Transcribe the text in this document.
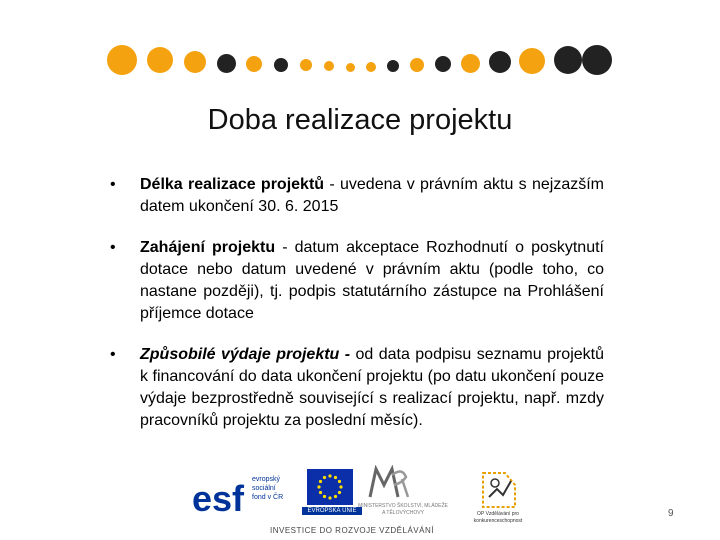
Doba realizace projektu
• Délka realizace projektů - uvedena v právním aktu s nejzazším datem ukončení 30. 6. 2015
• Zahájení projektu - datum akceptace Rozhodnutí o poskytnutí dotace nebo datum uvedené v právním aktu (podle toho, co nastane později), tj. podpis statutárního zástupce na Prohlášení příjemce dotace
• Způsobilé výdaje projektu - od data podpisu seznamu projektů k financování do data ukončení projektu (po datu ukončení pouze výdaje bezprostředně související s realizací projektu, např. mzdy pracovníků projektu za poslední měsíc).
esf evropský
sociální
fond v ČR
EVROPSKÁ UNIE
MINISTERSTVO ŠKOLSTVÍ, MLÁDEŽE A TĚLOVÝCHOVY	OP Vzdělávání pro konkurenceschopnost
INVESTICE DO ROZVOJE VZDĚLÁVÁNÍ
9
